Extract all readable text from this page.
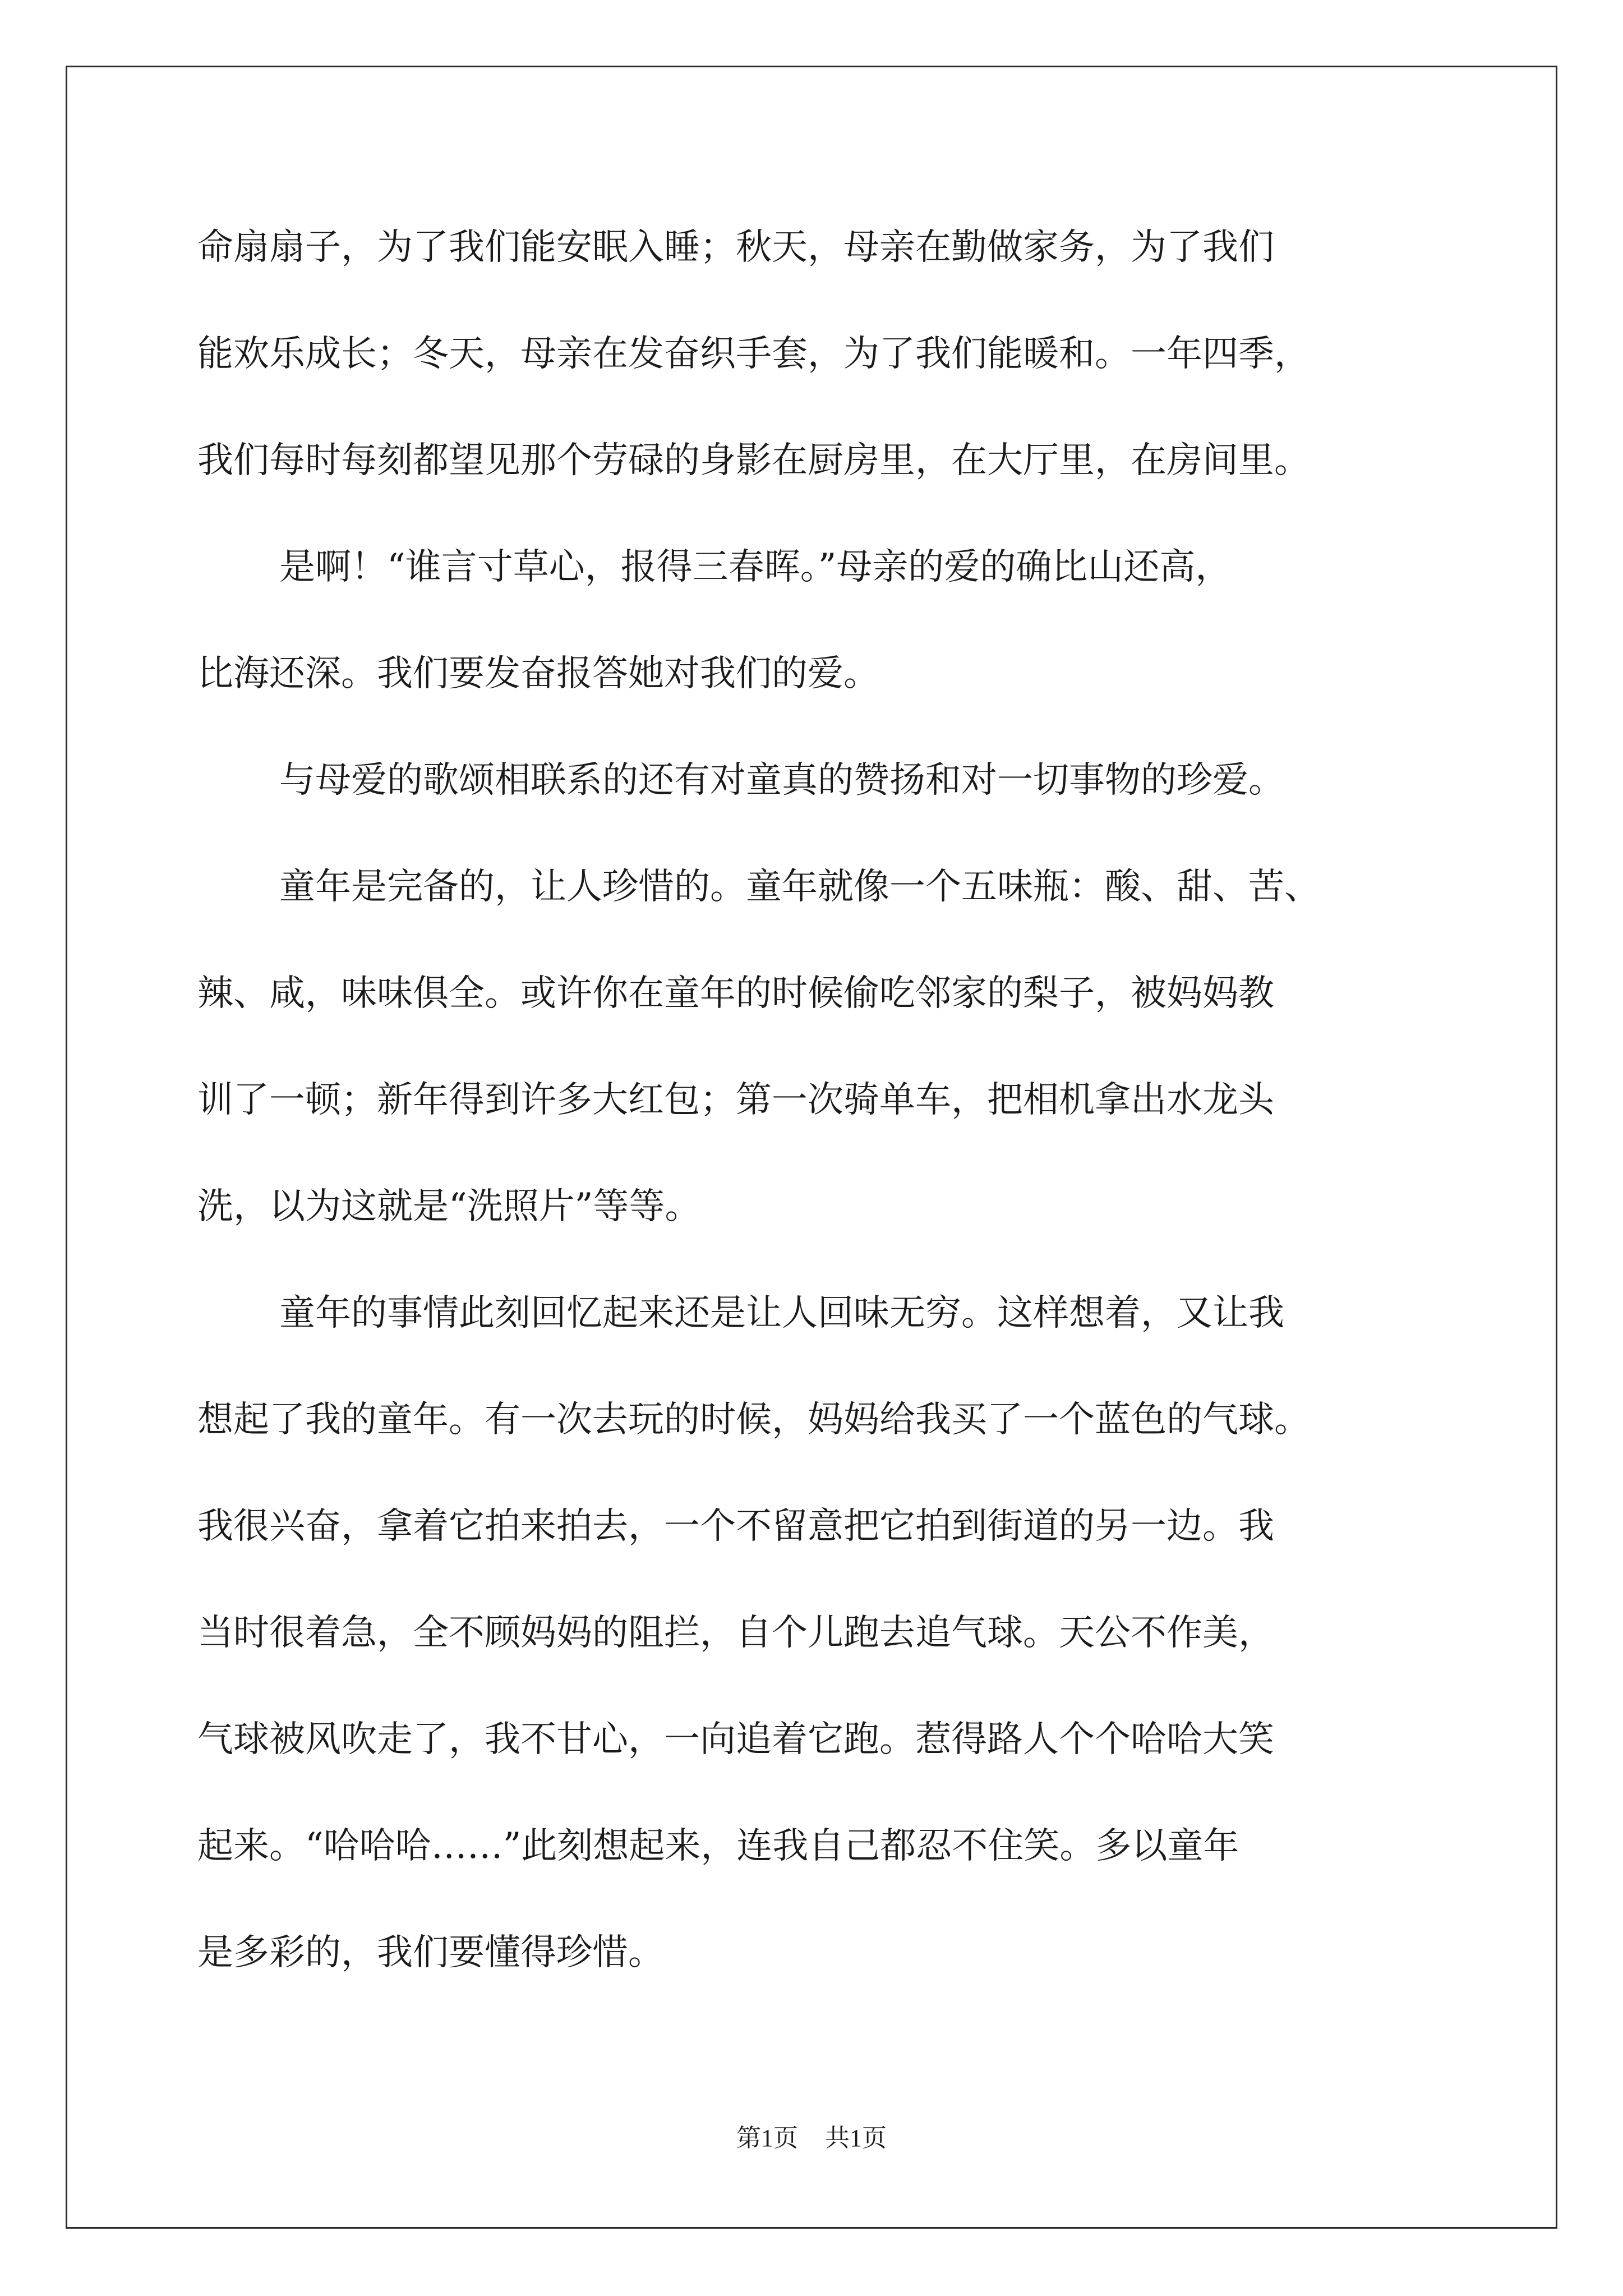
命扇扇子，为了我们能安眠入睡；秋天，母亲在勤做家务，为了我们
能欢乐成长；冬天，母亲在发奋织手套，为了我们能暖和。一年四季，
我们每时每刻都望见那个劳碌的身影在厨房里，在大厅里，在房间里。
是啊！“谁言寸草心，报得三春晖。”母亲的爱的确比山还高，
比海还深。我们要发奋报答她对我们的爱。
与母爱的歌颂相联系的还有对童真的赞扬和对一切事物的珍爱。
童年是完备的，让人珍惜的。童年就像一个五味瓶：酸、甜、苦、
辣、咸，味味俱全。或许你在童年的时候偷吃邻家的梨子，被妈妈教
训了一顿；新年得到许多大红包；第一次骑单车，把相机拿出水龙头
洗，以为这就是“洗照片”等等。
童年的事情此刻回忆起来还是让人回味无穷。这样想着，又让我
想起了我的童年。有一次去玩的时候，妈妈给我买了一个蓝色的气球。
我很兴奋，拿着它拍来拍去，一个不留意把它拍到街道的另一边。我
当时很着急，全不顾妈妈的阻拦，自个儿跑去追气球。天公不作美，
气球被风吹走了，我不甘心，一向追着它跑。惹得路人个个哈哈大笑
起来。“哈哈哈……”此刻想起来，连我自己都忍不住笑。多以童年
是多彩的，我们要懂得珍惜。
第1页 共1页
